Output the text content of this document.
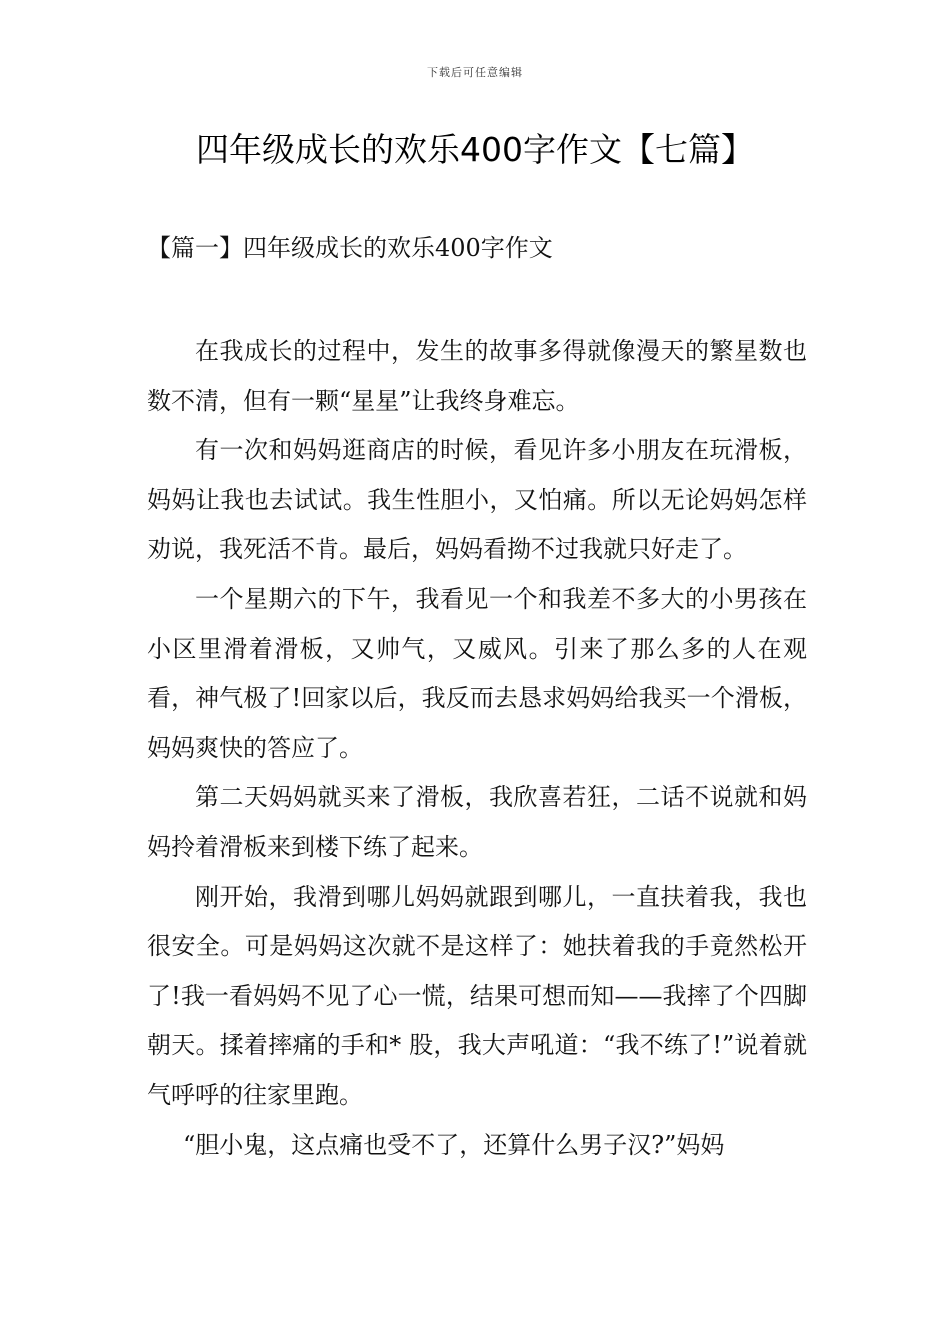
下载后可任意编辑
四年级成长的欢乐400字作文【七篇】
【篇一】四年级成长的欢乐400字作文

在我成长的过程中，发生的故事多得就像漫天的繁星数也数不清，但有一颗“星星”让我终身难忘。

有一次和妈妈逛商店的时候，看见许多小朋友在玩滑板，妈妈让我也去试试。我生性胆小，又怕痛。所以无论妈妈怎样劝说，我死活不肯。最后，妈妈看拗不过我就只好走了。

一个星期六的下午，我看见一个和我差不多大的小男孩在小区里滑着滑板，又帅气，又威风。引来了那么多的人在观看，神气极了!回家以后，我反而去恳求妈妈给我买一个滑板，妈妈爽快的答应了。

第二天妈妈就买来了滑板，我欣喜若狂，二话不说就和妈妈拎着滑板来到楼下练了起来。

刚开始，我滑到哪儿妈妈就跟到哪儿，一直扶着我，我也很安全。可是妈妈这次就不是这样了：她扶着我的手竟然松开了!我一看妈妈不见了心一慌，结果可想而知——我摔了个四脚朝天。揉着摔痛的手和* 股，我大声吼道：“我不练了!”说着就气呼呼的往家里跑。

“胆小鬼，这点痛也受不了，还算什么男子汉?”妈妈
